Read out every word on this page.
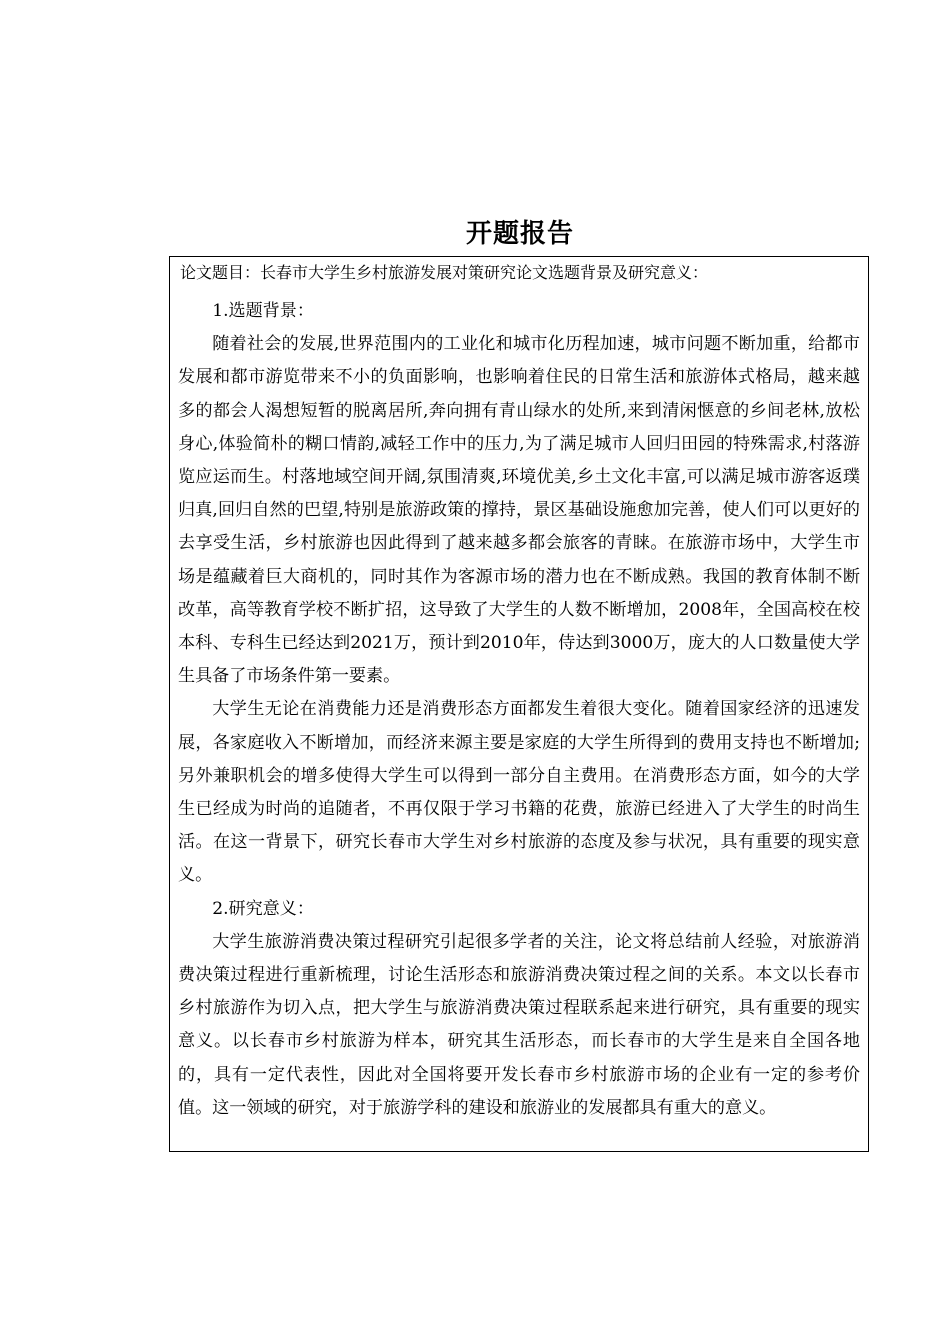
开题报告
论文题目：长春市大学生乡村旅游发展对策研究论文选题背景及研究意义：

1.选题背景：

随着社会的发展,世界范围内的工业化和城市化历程加速，城市问题不断加重，给都市发展和都市游览带来不小的负面影响，也影响着住民的日常生活和旅游体式格局，越来越多的都会人渴想短暂的脱离居所,奔向拥有青山绿水的处所,来到清闲惬意的乡间老林,放松身心,体验简朴的糊口情韵,减轻工作中的压力,为了满足城市人回归田园的特殊需求,村落游览应运而生。村落地域空间开阔,氛围清爽,环境优美,乡土文化丰富,可以满足城市游客返璞归真,回归自然的巴望,特别是旅游政策的撑持，景区基础设施愈加完善，使人们可以更好的去享受生活，乡村旅游也因此得到了越来越多都会旅客的青睐。在旅游市场中，大学生市场是蕴藏着巨大商机的，同时其作为客源市场的潜力也在不断成熟。我国的教育体制不断改革，高等教育学校不断扩招，这导致了大学生的人数不断增加，2008年，全国高校在校本科、专科生已经达到2021万，预计到2010年，侍达到3000万，庞大的人口数量使大学生具备了市场条件第一要素。

大学生无论在消费能力还是消费形态方面都发生着很大变化。随着国家经济的迅速发展，各家庭收入不断增加，而经济来源主要是家庭的大学生所得到的费用支持也不断增加;另外兼职机会的增多使得大学生可以得到一部分自主费用。在消费形态方面，如今的大学生已经成为时尚的追随者，不再仅限于学习书籍的花费，旅游已经进入了大学生的时尚生活。在这一背景下，研究长春市大学生对乡村旅游的态度及参与状况，具有重要的现实意义。

2.研究意义：

大学生旅游消费决策过程研究引起很多学者的关注，论文将总结前人经验，对旅游消费决策过程进行重新梳理，讨论生活形态和旅游消费决策过程之间的关系。本文以长春市乡村旅游作为切入点，把大学生与旅游消费决策过程联系起来进行研究，具有重要的现实意义。以长春市乡村旅游为样本，研究其生活形态，而长春市的大学生是来自全国各地的，具有一定代表性，因此对全国将要开发长春市乡村旅游市场的企业有一定的参考价值。这一领域的研究，对于旅游学科的建设和旅游业的发展都具有重大的意义。
